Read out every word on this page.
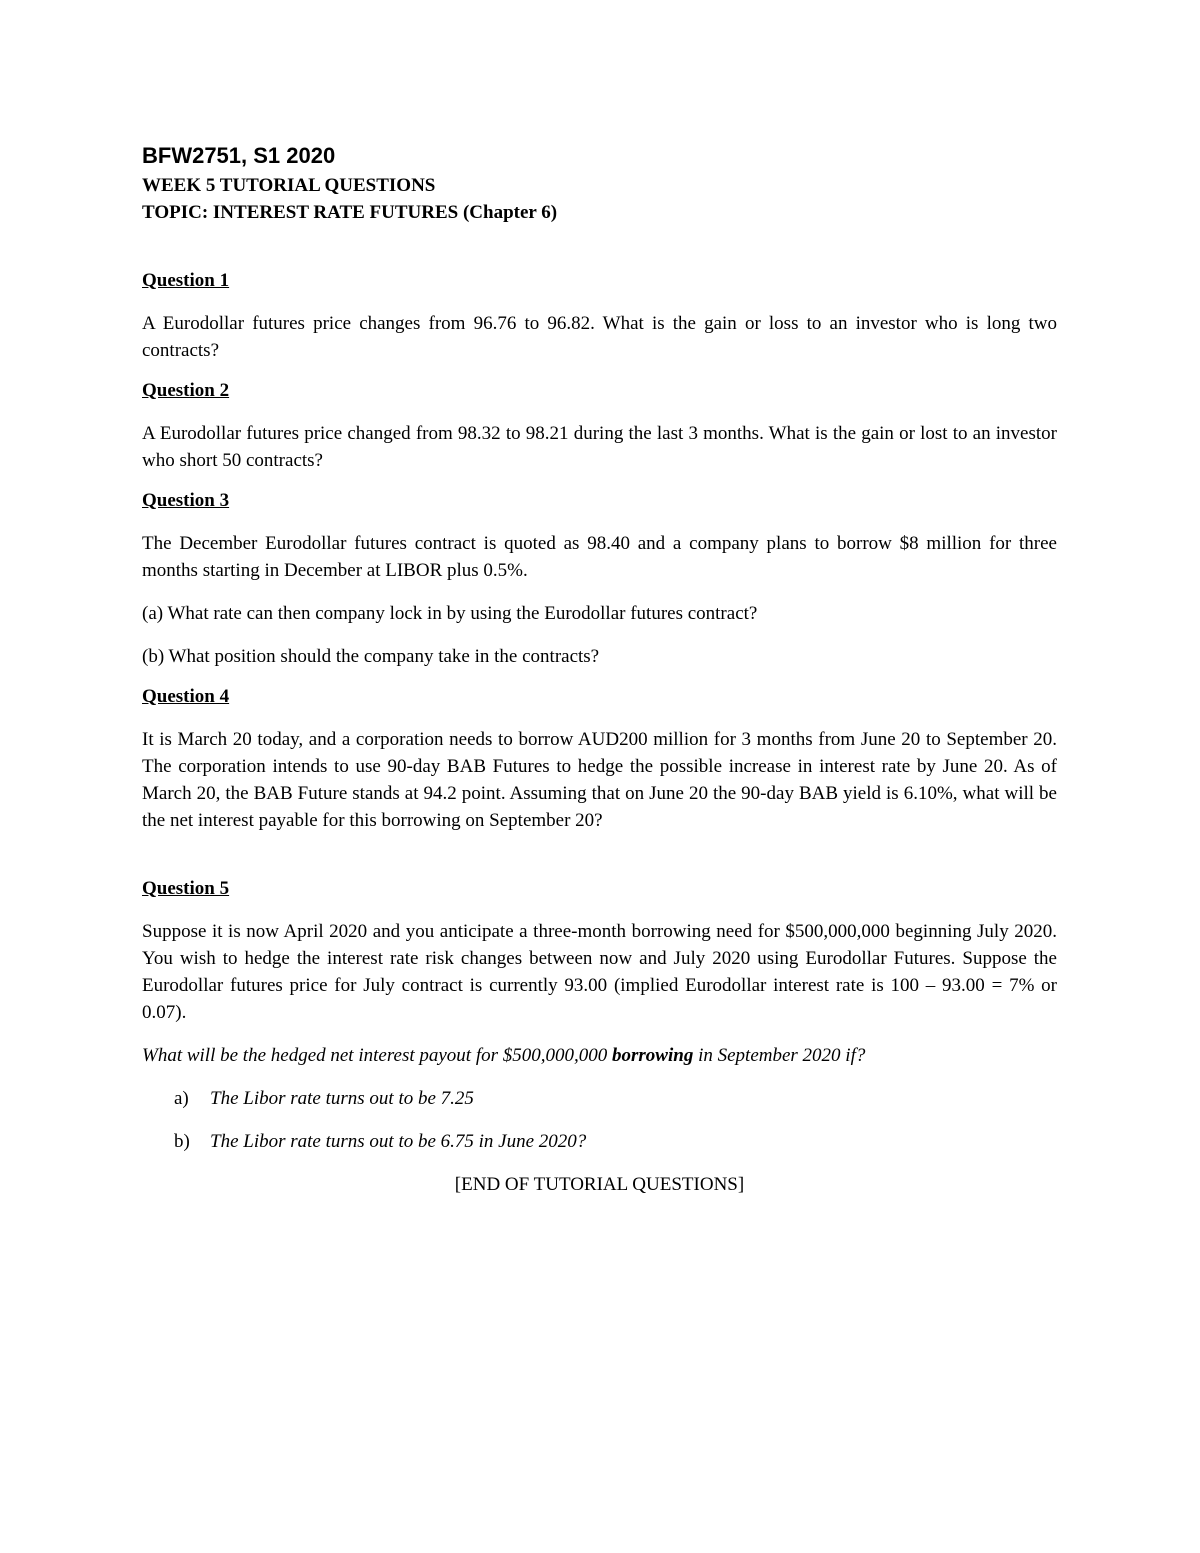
BFW2751, S1 2020

WEEK 5 TUTORIAL QUESTIONS

TOPIC: INTEREST RATE FUTURES (Chapter 6)

Question 1

A Eurodollar futures price changes from 96.76 to 96.82. What is the gain or loss to an investor who is long two contracts?

Question 2

A Eurodollar futures price changed from 98.32 to 98.21 during the last 3 months. What is the gain or lost to an investor who short 50 contracts?

Question 3

The December Eurodollar futures contract is quoted as 98.40 and a company plans to borrow $8 million for three months starting in December at LIBOR plus 0.5%.

(a) What rate can then company lock in by using the Eurodollar futures contract?

(b) What position should the company take in the contracts?

Question 4

It is March 20 today, and a corporation needs to borrow AUD200 million for 3 months from June 20 to September 20. The corporation intends to use 90-day BAB Futures to hedge the possible increase in interest rate by June 20. As of March 20, the BAB Future stands at 94.2 point. Assuming that on June 20 the 90-day BAB yield is 6.10%, what will be the net interest payable for this borrowing on September 20?

Question 5

Suppose it is now April 2020 and you anticipate a three-month borrowing need for $500,000,000 beginning July 2020. You wish to hedge the interest rate risk changes between now and July 2020 using Eurodollar Futures. Suppose the Eurodollar futures price for July contract is currently 93.00 (implied Eurodollar interest rate is 100 – 93.00 = 7% or 0.07).

What will be the hedged net interest payout for $500,000,000 borrowing in September 2020 if?

a)	The Libor rate turns out to be 7.25
b)	The Libor rate turns out to be 6.75 in June 2020?

[END OF TUTORIAL QUESTIONS]
